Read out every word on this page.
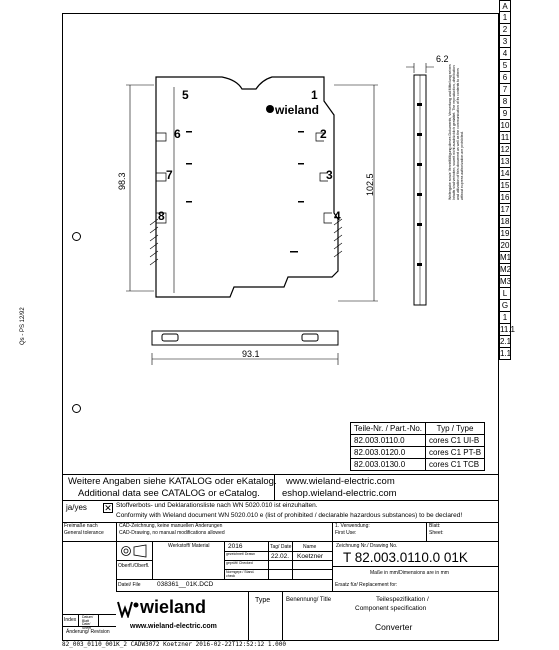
A
1
2
3
4
5
6
7
8
9
10
11
12
13
14
15
16
17
18
19
20
M1
M2
M3
L
G
1
11.1
2.1
1.1
Qs - PS 12/92
Weitergabe sowie Vervielfältigung dieses Dokuments, Verwertung und Mitteilung seines Inhalts sind verboten, soweit nicht ausdrücklich gestattet. The reproduction, distribution and utilization of this document as well as the communication of its contents to others without express authorization are prohibited.
98.3	102.5
93.1
6.2
1
2
3
4
5
6
7
8
wieland
Teile-Nr. / Part.-No.	Typ / Type
82.003.0110.0	cores C1 UI-B
82.003.0120.0	cores C1 PT-B
82.003.0130.0	cores C1 TCB
Weitere Angaben siehe KATALOG oder eKatalog.
Additional data see CATALOG or eCatalog.
www.wieland-electric.com
eshop.wieland-electric.com
ja/yes ✕ Stoffverbots- und Deklarationsliste nach WN 5020.010 ist einzuhalten.
Conformity with Wieland document WN 5020.010 e (list of prohibited / declarable hazardous substances) to be declared!
Freimaße nach
General tolerance
CAD-Zeichnung, keine manuellen Änderungen
CAD-Drawing, no manual modifications allowed
1. Verwendung:
First Use:
Blatt:
Sheet:
Oberfl./Oberfl.
Werkstoff/ Material	2016	Tag/ Date Name
gezeichnet/ Drawn	22.02. Koetzner
geprüft/ Checked
Normgepr./ Stand. check
Zeichnung Nr./ Drawing No.
T 82.003.0110.0 01K
Maße in mm/Dimensions are in mm
Datei/ File	038361__01K.DCD	Ersatz für/ Replacement for:
wieland
www.wieland-electric.com
Index Datum/ Blatt Date/ Sheet
Änderung/ Revision
Type	Benennung/ Title	Teilespezifikation /
Component specification
Converter
82_003_0110_001K_2 CADW3072 Koetzner 2016-02-22T12:52:12 1.000
